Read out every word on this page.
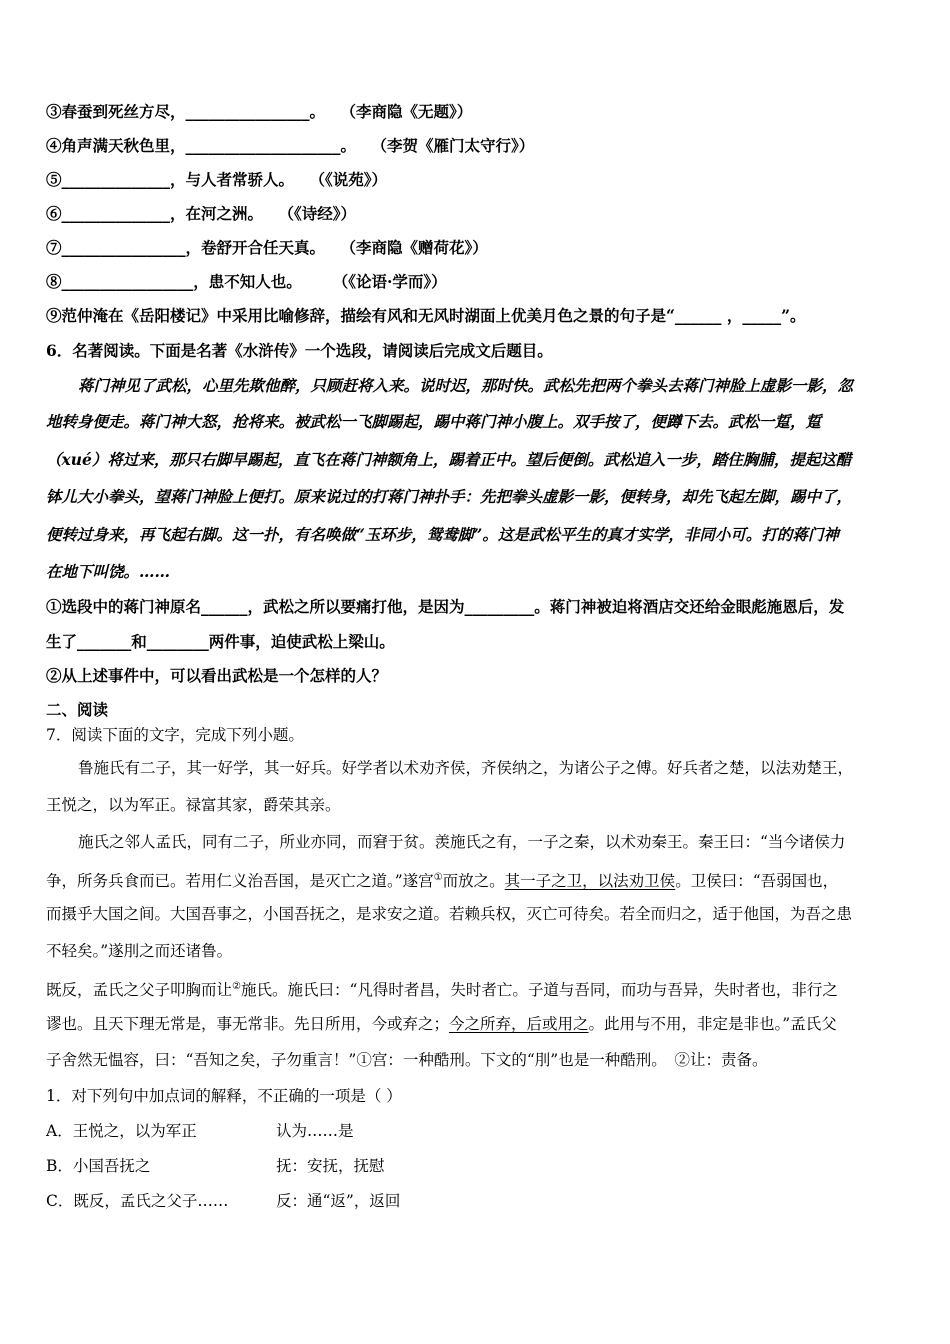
③春蚕到死丝方尽，________________。　　（李商隐《无题》）
④角声满天秋色里，____________________。　　（李贺《雁门太守行》）
⑤______________，与人者常骄人。　　（《说苑》）
⑥______________，在河之洲。　　（《诗经》）
⑦________________，卷舒开合任天真。　　（李商隐《赠荷花》）
⑧_________________，患不知人也。　　　（《论语·学而》）
⑨范仲淹在《岳阳楼记》中采用比喻修辞，描绘有风和无风时湖面上优美月色之景的句子是“______ ，_____”。
6．名著阅读。下面是名著《水浒传》一个选段，请阅读后完成文后题目。
蒋门神见了武松，心里先欺他醉，只顾赶将入来。说时迟，那时快。武松先把两个拳头去蒋门神脸上虚影一影，忽
地转身便走。蒋门神大怒，抢将来。被武松一飞脚踢起，踢中蒋门神小腹上。双手按了，便蹲下去。武松一踅，踅
（xué）将过来，那只右脚早踢起，直飞在蒋门神额角上，踢着正中。望后便倒。武松追入一步，踏住胸脯，提起这醋
钵儿大小拳头，望蒋门神脸上便打。原来说过的打蒋门神扑手：先把拳头虚影一影，便转身，却先飞起左脚，踢中了，
便转过身来，再飞起右脚。这一扑，有名唤做“玉环步，鸳鸯脚”。这是武松平生的真才实学，非同小可。打的蒋门神
在地下叫饶。……
①选段中的蒋门神原名______，武松之所以要痛打他，是因为_________。蒋门神被迫将酒店交还给金眼彪施恩后，发
生了_______和________两件事，迫使武松上梁山。
②从上述事件中，可以看出武松是一个怎样的人？
二、阅读
7．阅读下面的文字，完成下列小题。
鲁施氏有二子，其一好学，其一好兵。好学者以术劝齐侯，齐侯纳之，为诸公子之傅。好兵者之楚，以法劝楚王，
王悦之，以为军正。禄富其家，爵荣其亲。
施氏之邻人孟氏，同有二子，所业亦同，而窘于贫。羡施氏之有，一子之秦，以术劝秦王。秦王曰：“当今诸侯力
争，所务兵食而已。若用仁义治吾国，是灭亡之道。”遂宫①而放之。其一子之卫，以法劝卫侯。卫侯曰：“吾弱国也，
而摄乎大国之间。大国吾事之，小国吾抚之，是求安之道。若赖兵权，灭亡可待矣。若全而归之，适于他国，为吾之患
不轻矣。”遂刖之而还诸鲁。
既反，孟氏之父子叩胸而让②施氏。施氏曰：“凡得时者昌，失时者亡。子道与吾同，而功与吾异，失时者也，非行之
谬也。且天下理无常是，事无常非。先日所用，今或弃之；今之所弃，后或用之。此用与不用，非定是非也。”孟氏父
子舍然无愠容，曰：“吾知之矣，子勿重言！”①宫：一种酷刑。下文的“刖”也是一种酷刑。　②让：责备。
1．对下列句中加点词的解释，不正确的一项是（ ）
A．王悦之，以为军正	认为……是
B．小国吾抚之	抚：安抚，抚慰
C．既反，孟氏之父子……	反：通“返”，返回
